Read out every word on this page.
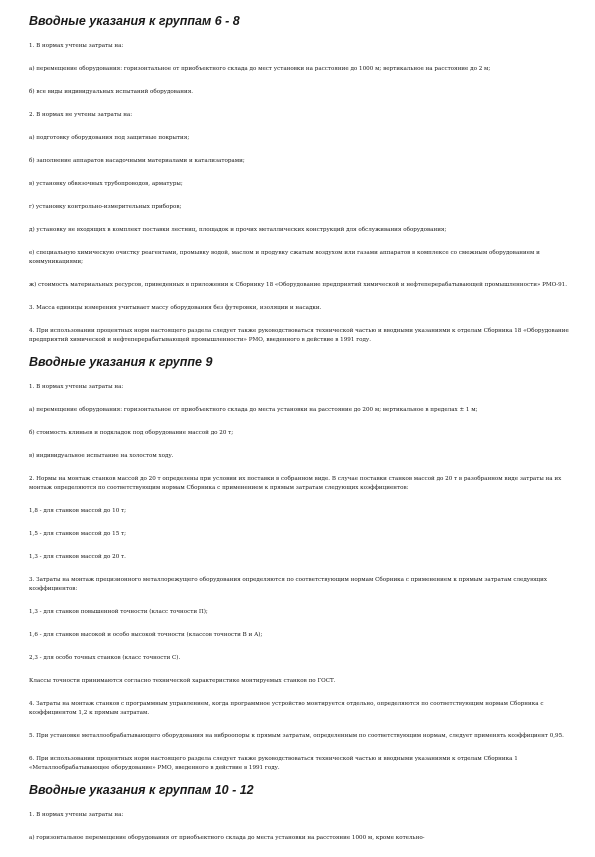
Вводные указания к группам 6 - 8

1. В нормах учтены затраты на:

а) перемещение оборудования: горизонтальное от приобъектного склада до мест установки на расстояние до 1000 м; вертикальное на расстояние до 2 м;

б) все виды индивидуальных испытаний оборудования.

2. В нормах не учтены затраты на:

а) подготовку оборудования под защитные покрытия;

б) заполнение аппаратов насадочными материалами и катализаторами;

в) установку обвязочных трубопроводов, арматуры;

г) установку контрольно-измерительных приборов;

д) установку не входящих в комплект поставки лестниц, площадок и прочих металлических конструкций для обслуживания оборудования;

е) специальную химическую очистку реагентами, промывку водой, маслом и продувку сжатым воздухом или газами аппаратов в комплексе со смежным оборудованием и коммуникациями;

ж) стоимость материальных ресурсов, приведенных в приложении к Сборнику 18 «Оборудование предприятий химической и нефтеперерабатывающей промышленности» РМО-91.

3. Масса единицы измерения учитывает массу оборудования без футеровки, изоляции и насадки.

4. При использовании процентных норм настоящего раздела следует также руководствоваться технической частью и вводными указаниями к отделам Сборника 18 «Оборудование предприятий химической и нефтеперерабатывающей промышленности» РМО, введенного в действие в 1991 году.

Вводные указания к группе 9

1. В нормах учтены затраты на:

а) перемещение оборудования: горизонтальное от приобъектного склада до места установки на расстояние до 200 м; вертикальное в пределах ± 1 м;

б) стоимость клиньев и подкладок под оборудование массой до 20 т;

в) индивидуальное испытание на холостом ходу.

2. Нормы на монтаж станков массой до 20 т определены при условии их поставки в собранном виде. В случае поставки станков массой до 20 т в разобранном виде затраты на их монтаж определяются по соответствующим нормам Сборника с применением к прямым затратам следующих коэффициентов:

1,8 - для станков массой до 10 т;

1,5 - для станков массой до 15 т;

1,3 - для станков массой до 20 т.

3. Затраты на монтаж прецизионного металлорежущего оборудования определяются по соответствующим нормам Сборника с применением к прямым затратам следующих коэффициентов:

1,3 - для станков повышенной точности (класс точности П);

1,6 - для станков высокой и особо высокой точности (классов точности В и А);

2,3 - для особо точных станков (класс точности С).

Классы точности принимаются согласно технической характеристике монтируемых станков по ГОСТ.

4. Затраты на монтаж станков с программным управлением, когда программное устройство монтируется отдельно, определяются по соответствующим нормам Сборника с коэффициентом 1,2 к прямым затратам.

5. При установке металлообрабатывающего оборудования на виброопоры к прямым затратам, определенным по соответствующим нормам, следует применять коэффициент 0,95.

6. При использовании процентных норм настоящего раздела следует также руководствоваться технической частью и вводными указаниями к отделам Сборника 1 «Металлообрабатывающее оборудование» РМО, введенного в действие в 1991 году.

Вводные указания к группам 10 - 12

1. В нормах учтены затраты на:

а) горизонтальное перемещение оборудования от приобъектного склада до места установки на расстояние 1000 м, кроме котельно-
